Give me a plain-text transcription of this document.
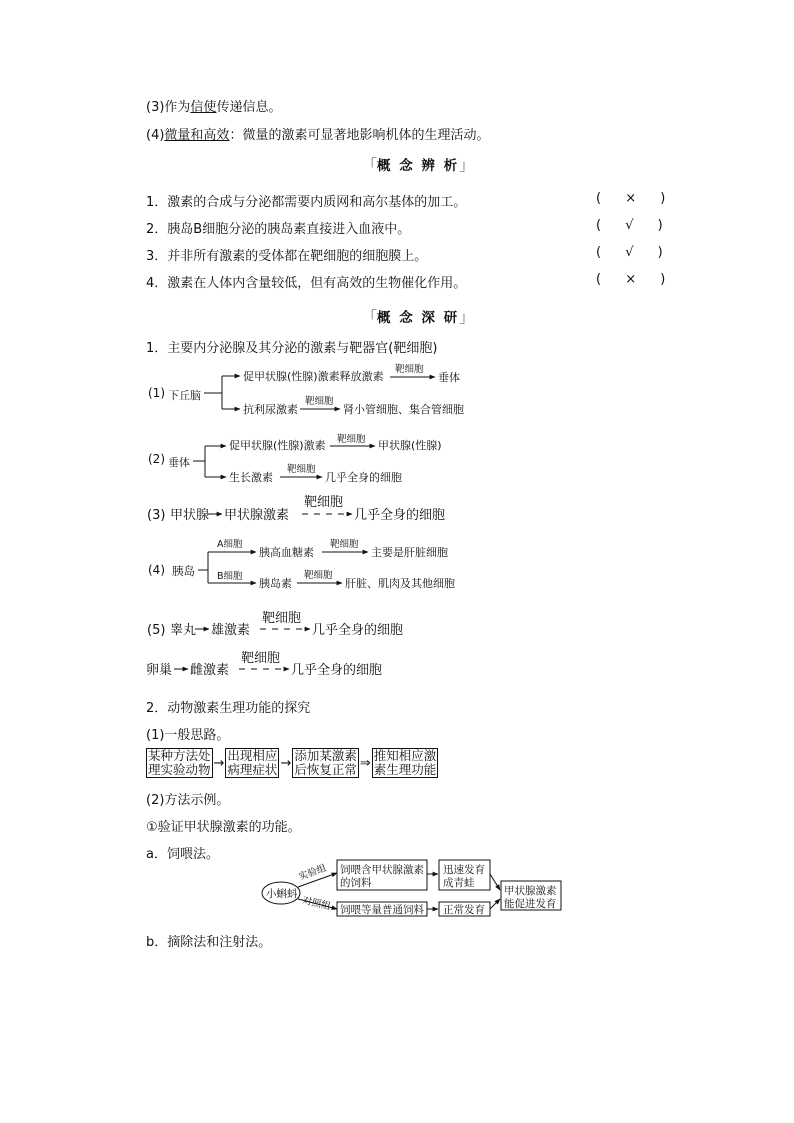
(3)作为信使传递信息。
(4)微量和高效：微量的激素可显著地影响机体的生理活动。
「概 念 辨 析」
1．激素的合成与分泌都需要内质网和高尔基体的加工。	( × )
2．胰岛B细胞分泌的胰岛素直接进入血液中。	( √ )
3．并非所有激素的受体都在靶细胞的细胞膜上。	( √ )
4．激素在人体内含量较低，但有高效的生物催化作用。	( × )
「概 念 深 研」
1．主要内分泌腺及其分泌的激素与靶器官(靶细胞)
(1) 下丘脑
促甲状腺(性腺)激素释放激素
靶细胞
垂体
抗利尿激素
靶细胞
肾小管细胞、集合管细胞
(2) 垂体
促甲状腺(性腺)激素 靶细胞 甲状腺(性腺)
生长激素
靶细胞
几乎全身的细胞
(3) 甲状腺 甲状腺激素
靶细胞
几乎全身的细胞
(4) 胰岛
A细胞
B细胞
胰高血糖素
靶细胞
主要是肝脏细胞
胰岛素
靶细胞
肝脏、肌肉及其他细胞
(5) 睾丸 雄激素
靶细胞
几乎全身的细胞
卵巢 雌激素
靶细胞
几乎全身的细胞
小蝌蚪
实验组
对照组
饲喂含甲状腺激素
的饲料
饲喂等量普通饲料
迅速发育
成青蛙
正常发育
甲状腺激素
能促进发育
2．动物激素生理功能的探究
(1)一般思路。
某种方法处
理实验动物 → 出现相应
病理症状 → 添加某激素
后恢复正常 ⇒ 推知相应激
素生理功能
(2)方法示例。
①验证甲状腺激素的功能。
a．饲喂法。
b．摘除法和注射法。
